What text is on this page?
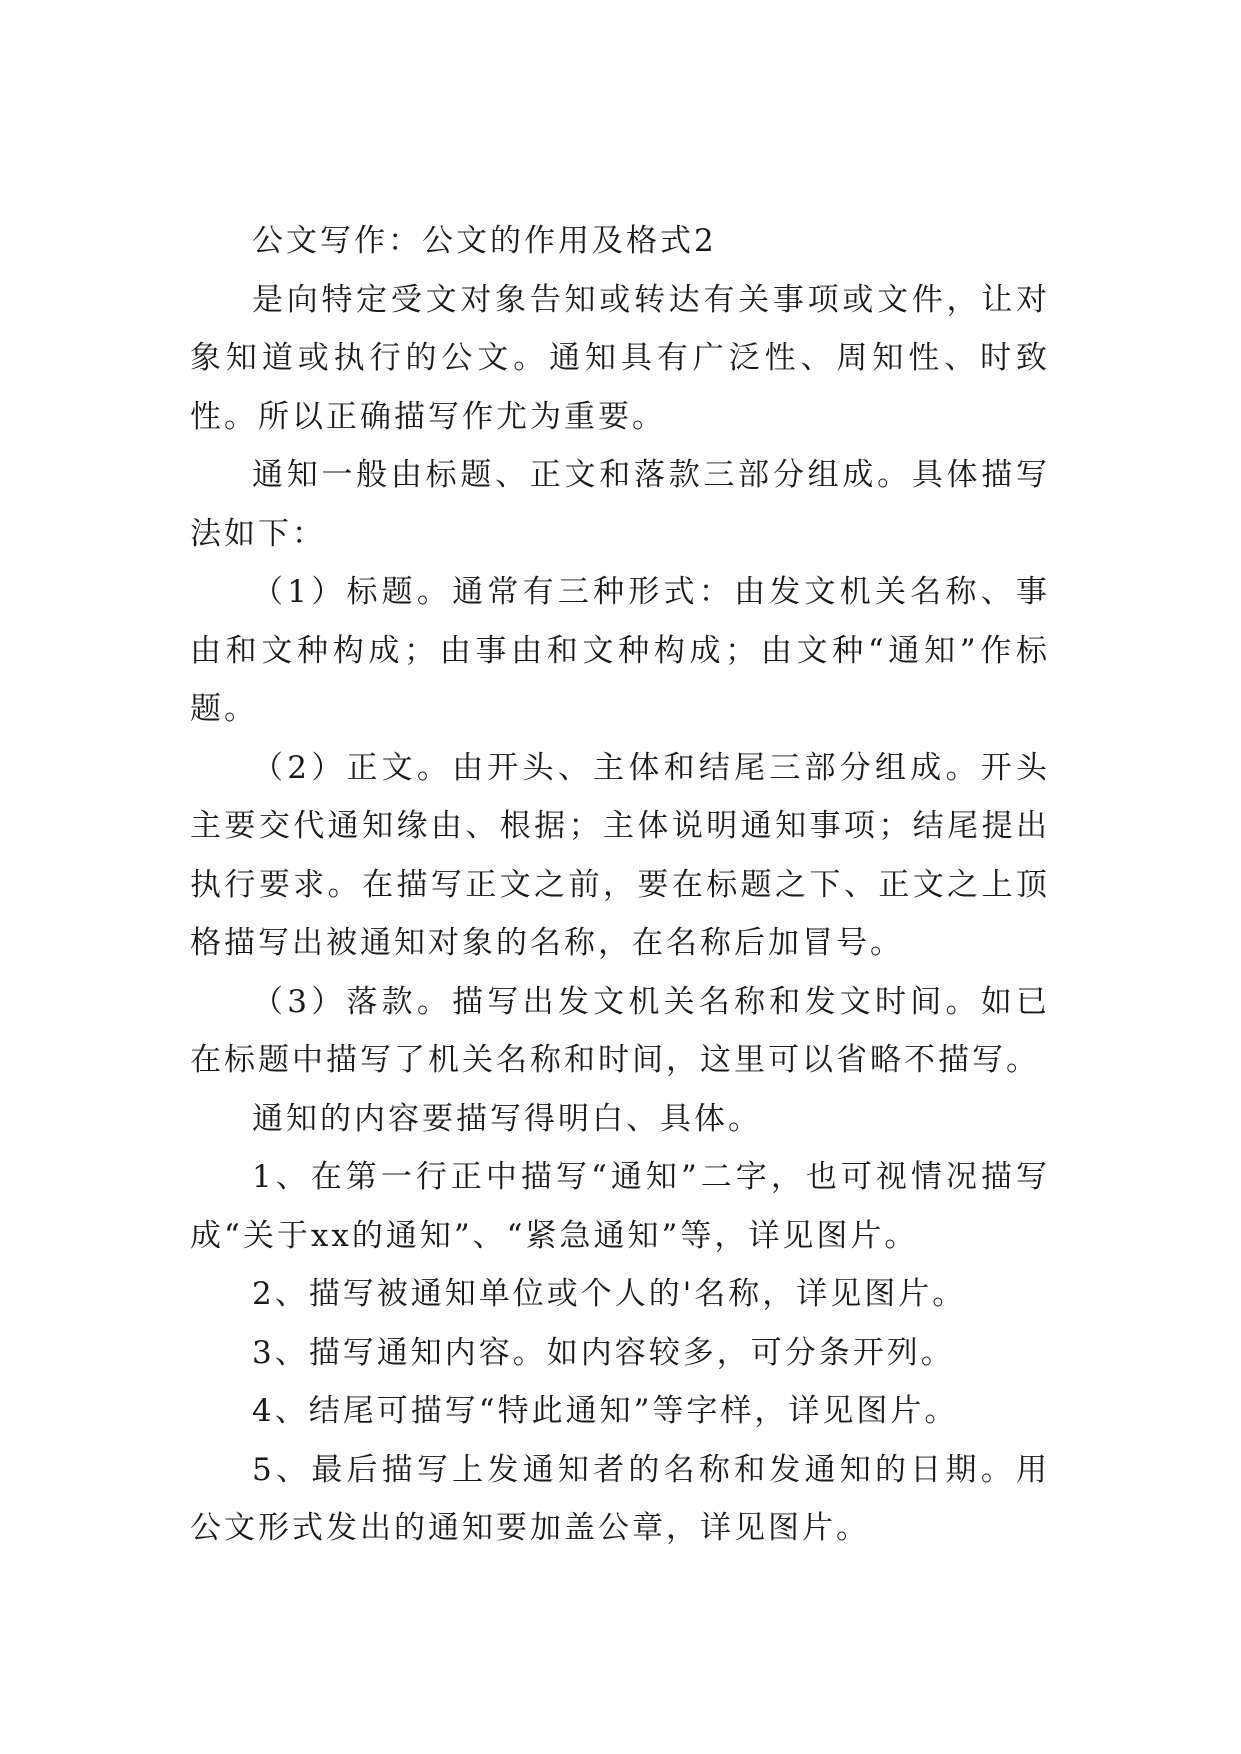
公文写作：公文的作用及格式2

是向特定受文对象告知或转达有关事项或文件，让对象知道或执行的公文。通知具有广泛性、周知性、时致性。所以正确描写作尤为重要。

通知一般由标题、正文和落款三部分组成。具体描写法如下：

（1）标题。通常有三种形式：由发文机关名称、事由和文种构成；由事由和文种构成；由文种“通知”作标题。

（2）正文。由开头、主体和结尾三部分组成。开头主要交代通知缘由、根据；主体说明通知事项；结尾提出执行要求。在描写正文之前，要在标题之下、正文之上顶格描写出被通知对象的名称，在名称后加冒号。

（3）落款。描写出发文机关名称和发文时间。如已在标题中描写了机关名称和时间，这里可以省略不描写。

通知的内容要描写得明白、具体。

1、在第一行正中描写“通知”二字，也可视情况描写成“关于xx的通知”、“紧急通知”等，详见图片。

2、描写被通知单位或个人的'名称，详见图片。

3、描写通知内容。如内容较多，可分条开列。

4、结尾可描写“特此通知”等字样，详见图片。

5、最后描写上发通知者的名称和发通知的日期。用公文形式发出的通知要加盖公章，详见图片。
